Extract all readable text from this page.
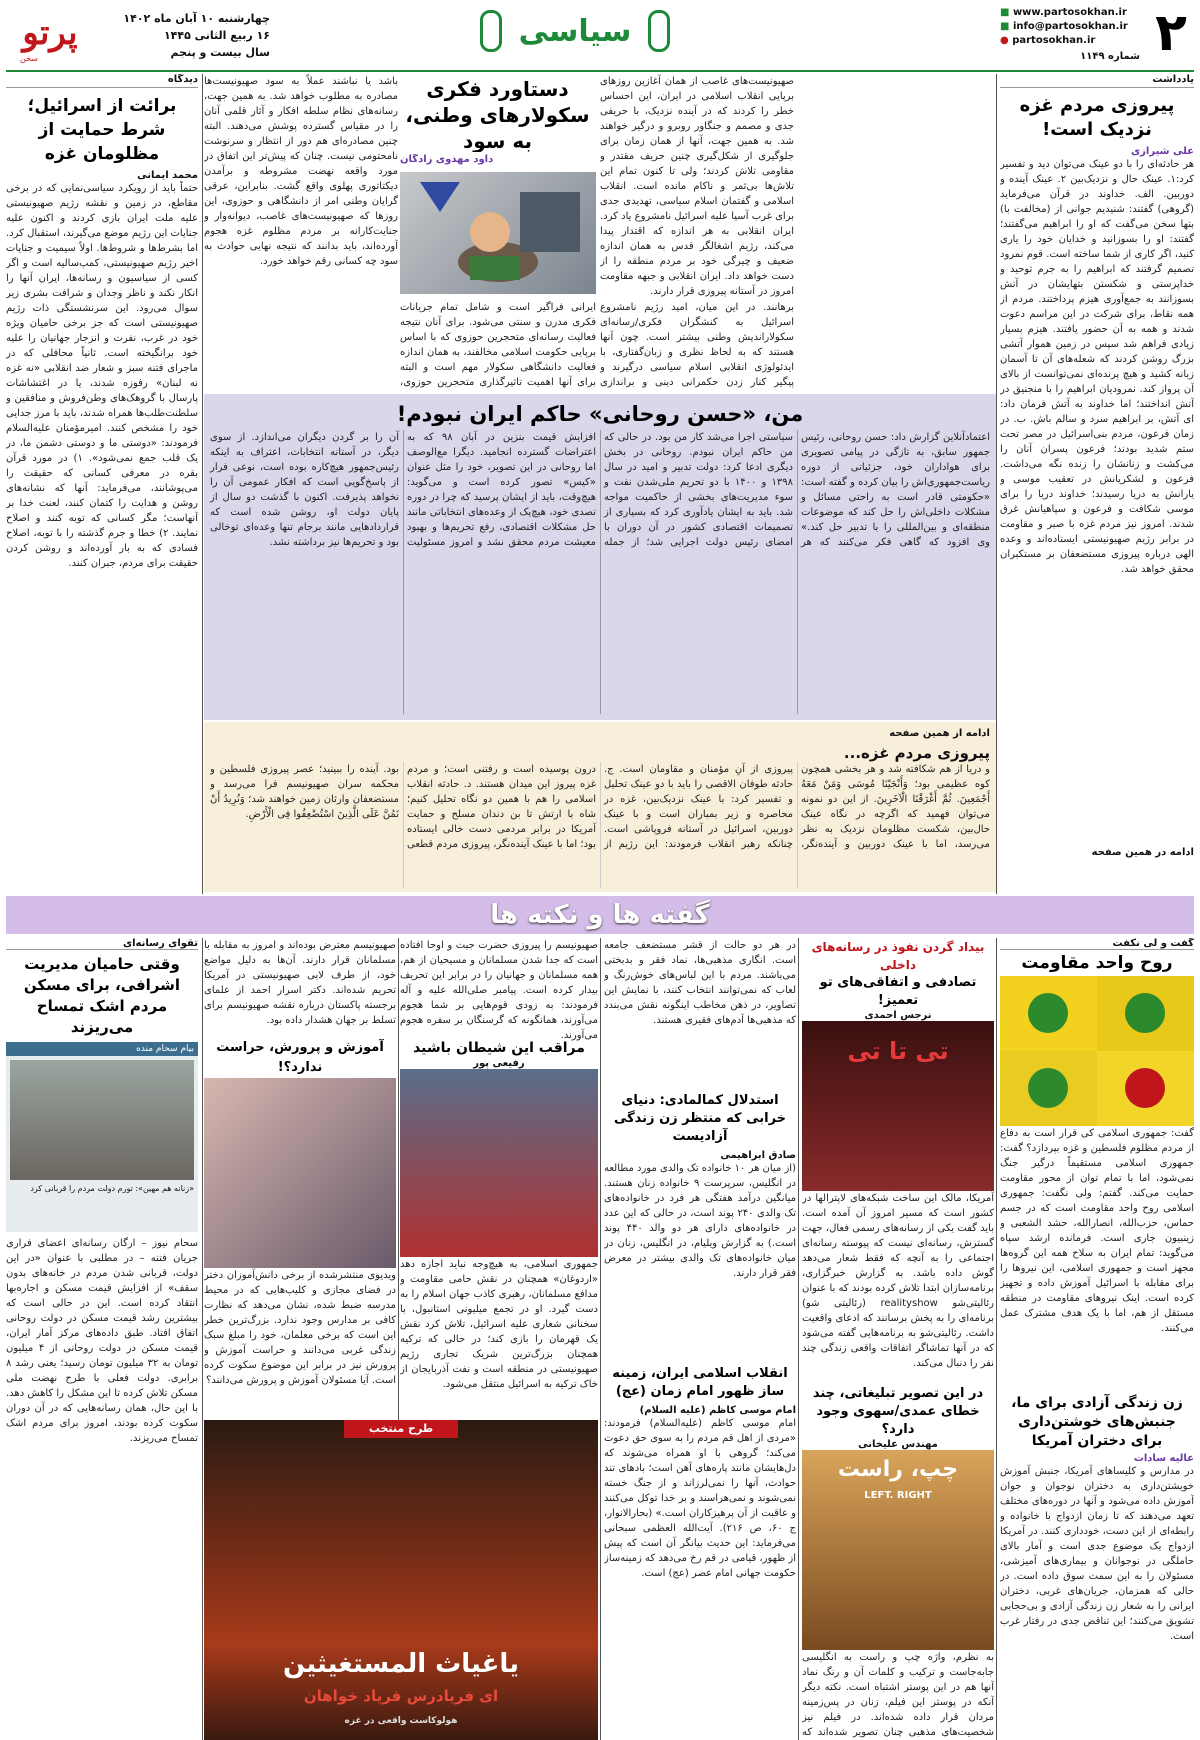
پرتو
سخن
چهارشنبه ۱۰ آبان ماه ۱۴۰۲
۱۶ ربیع الثانی ۱۴۴۵
سال بیست و پنجم
سیاسی
■ www.partosokhan.ir
■ info@partosokhan.ir
● partosokhan.ir
شماره ۱۱۴۹ ۲
یادداشت
پیروزی مردم غزه نزدیک است!
علی شیرازی
هر حادثه‌ای را با دو عینک می‌توان دید و تفسیر کرد:۱. عینک حال و نزدیک‌بین ۲. عینک آینده و دوربین. الف. خداوند در قرآن می‌فرماید (گروهی) گفتند: شنیدیم جوانی از (مخالفت با) بتها سخن می‌گفت که او را ابراهیم می‌گفتند؛ گفتند: او را بسوزانید و خدایان خود را یاری کنید، اگر کاری از شما ساخته است. قوم نمرود تصمیم گرفتند که ابراهیم را به جرم توحید و خداپرستی و شکستن بتهایشان در آتش بسوزانند به جمع‌آوری هیزم پرداختند. مردم از همه نقاط، برای شرکت در این مراسم دعوت شدند و همه به آن حضور یافتند. هیزم بسیار زیادی فراهم شد سپس در زمین هموار آتشی بزرگ روشن کردند که شعله‌های آن تا آسمان زبانه کشید و هیچ پرنده‌ای نمی‌توانست از بالای آن پرواز کند. نمرودیان ابراهیم را با منجنیق در آتش انداختند؛ اما خداوند به آتش فرمان داد: ای آتش، بر ابراهیم سرد و سالم باش. ب. در زمان فرعون، مردم بنی‌اسرائیل در مصر تحت ستم شدید بودند؛ فرعون پسران آنان را می‌کشت و زنانشان را زنده نگه می‌داشت. فرعون و لشکریانش در تعقیب موسی و یارانش به دریا رسیدند؛ خداوند دریا را برای موسی شکافت و فرعون و سپاهیانش غرق شدند. امروز نیز مردم غزه با صبر و مقاومت در برابر رژیم صهیونیستی ایستاده‌اند و وعده الهی درباره پیروزی مستضعفان بر مستکبران محقق خواهد شد.
ادامه در همین صفحه
دیدگاه
برائت از اسرائیل؛ شرط حمایت از مظلومان غزه
محمد ایمانی
حتماً باید از رویکرد سیاسی‌نمایی که در برخی مقاطع، در زمین و نقشه رژیم صهیونیستی علیه ملت ایران بازی کردند و اکنون علیه جنایات این رژیم موضع می‌گیرند، استقبال کرد. اما بشرط‌ها و شروط‌ها. اولاً سیمیت و جنایات اخیر رژیم صهیونیستی، کمپ‌سالیه است و اگر کسی از سیاسیون و رسانه‌ها، ایران آنها را انکار نکند و ناظر وجدان و شرافت بشری زیر سوال می‌رود. این سرنشستگی ذات رژیم صهیونیستی است که جز برخی حامیان ویژه خود در غرب، نفرت و انزجار جهانیان را علیه خود برانگیخته است. ثانیاً محافلی که در ماجرای فتنه سبز و شعار ضد انقلابی «نه غزه نه لبنان» رفوزه شدند، یا در اغتشاشات پارسال با گروهک‌های وطن‌فروش و منافقین و سلطنت‌طلب‌ها همراه شدند، باید با مرز جدایی خود را مشخص کنند. امیرمؤمنان علیه‌السلام فرمودند: «دوستی ما و دوستی دشمن ما، در یک قلب جمع نمی‌شود». ۱) در مورد قرآن بقره در معرفی کسانی که حقیقت را می‌پوشانند، می‌فرماید: آنها که نشانه‌های روشن و هدایت را کتمان کنند، لعنت خدا بر آنهاست؛ مگر کسانی که توبه کنند و اصلاح نمایند. ۲) خطا و جرم گذشته را با توبه، اصلاح فسادی که به بار آورده‌اند و روشن کردن حقیقت برای مردم، جبران کنند.
دستاورد فکری سکولارهای وطنی، به سود
داود مهدوی زادگان
صهیونیست‌های غاصب از همان آغازین روزهای برپایی انقلاب اسلامی در ایران، این احساس خطر را کردند که در آینده نزدیک، با حریفی جدی و مصمم و جنگاور روبرو و درگیر خواهند شد. به همین جهت، آنها از همان زمان برای جلوگیری از شکل‌گیری چنین حریف مقتدر و مقاومی تلاش کردند؛ ولی تا کنون تمام این تلاش‌ها بی‌ثمر و ناکام مانده است. انقلاب اسلامی و گفتمان اسلام سیاسی، تهدیدی جدی برای غرب آسیا علیه اسرائیل نامشروع یاد کرد. ایران انقلابی به هر اندازه که اقتدار پیدا می‌کند، رژیم اشغالگر قدس به همان اندازه ضعیف و چیرگی خود بر مردم منطقه را از دست خواهد داد. ایران انقلابی و جبهه مقاومت امروز در آستانه پیروزی قرار دارند.
باشد یا نباشند عملاً به سود صهیونیست‌ها مصادره به مطلوب خواهد شد. به همین جهت، رسانه‌های نظام سلطه افکار و آثار قلمی آنان را در مقیاس گسترده پوشش می‌دهند. البته چنین مصادره‌ای هم دور از انتظار و سرنوشت نامحتومی نیست. چنان که پیش‌تر این اتفاق در مورد واقعه نهضت مشروطه و برآمدن دیکتاتوری پهلوی واقع گشت. بنابراین، عرقی گرایان وطنی امر از دانشگاهی و حوزوی، این روزها که صهیونیست‌های غاصب، دیوانه‌وار و جنایت‌کارانه بر مردم مظلوم غزه هجوم آورده‌اند، باید بدانند که نتیجه نهایی حوادث به سود چه کسانی رقم خواهد خورد.
برهانند. در این میان، امید رژیم نامشروع اسرائیل به کنشگران فکری/رسانه‌ای سکولاراندیش وطنی بیشتر است. چون آنها هستند که به لحاظ نظری و زبان‌گفتاری، با ایدئولوژی انقلابی اسلام سیاسی درگیرند و پیگیر کنار زدن حکمرانی دینی و براندازی
ایرانی فراگیر است و شامل تمام جریانات فکری مدرن و سنتی می‌شود. برای آنان نتیجه فعالیت رسانه‌ای متحجرین حوزوی که با اساس برپایی حکومت اسلامی مخالفند، به همان اندازه فعالیت دانشگاهی سکولار مهم است و البته برای آنها اهمیت تاثیرگذاری متحجرین حوزوی،
من، «حسن روحانی» حاکم ایران نبودم!
اعتمادآنلاین گزارش داد: حسن روحانی، رئیس جمهور سابق، به تازگی در پیامی تصویری برای هواداران خود، جزئیاتی از دوره ریاست‌جمهوری‌اش را بیان کرده و گفته است: «حکومتی قادر است به راحتی مسائل و مشکلات داخلی‌اش را حل کند که موضوعات منطقه‌ای و بین‌المللی را با تدبیر حل کند.» وی افزود که گاهی فکر می‌کنند که هر سیاستی اجرا می‌شد کار من بود. در حالی که من حاکم ایران نبودم. روحانی در بخش دیگری ادعا کرد: دولت تدبیر و امید در سال ۱۳۹۸ و ۱۴۰۰ با دو تحریم ملی‌شدن نفت و سوء مدیریت‌های بخشی از حاکمیت مواجه شد. باید به ایشان یادآوری کرد که بسیاری از تصمیمات اقتصادی کشور در آن دوران با امضای رئیس دولت اجرایی شد؛ از جمله افزایش قیمت بنزین در آبان ۹۸ که به اعتراضات گسترده انجامید. دیگرا مع‌الوصف اما روحانی در این تصویر، خود را مثل عنوان «کیس» تصور کرده است و می‌گوید: هیچ‌وقت، باید از ایشان پرسید که چرا در دوره تصدی خود، هیچ‌یک از وعده‌های انتخاباتی مانند حل مشکلات اقتصادی، رفع تحریم‌ها و بهبود معیشت مردم محقق نشد و امروز مسئولیت آن را بر گردن دیگران می‌اندازد. از سوی دیگر، در آستانه انتخابات، اعتراف به اینکه رئیس‌جمهور هیچ‌کاره بوده است، نوعی فرار از پاسخ‌گویی است که افکار عمومی آن را نخواهد پذیرفت. اکنون با گذشت دو سال از پایان دولت او، روشن شده است که قراردادهایی مانند برجام تنها وعده‌ای توخالی بود و تحریم‌ها نیز برداشته نشد.
ادامه از همین صفحه
پیروزی مردم غزه...
و دریا از هم شکافته شد و هر بخشی همچون کوه عظیمی بود؛ وَأَنْجَیْنَا مُوسَی وَمَنْ مَعَهُ أَجْمَعِینَ. ثُمَّ أَغْرَقْنَا الْآخَرِینَ. از این دو نمونه می‌توان فهمید که اگرچه در نگاه عینک حال‌بین، شکست مظلومان نزدیک به نظر می‌رسد، اما با عینک دوربین و آینده‌نگر، پیروزی از آنِ مؤمنان و مقاومان است. ج. حادثه طوفان الاقصی را باید با دو عینک تحلیل و تفسیر کرد: با عینک نزدیک‌بین، غزه در محاصره و زیر بمباران است و با عینک دوربین، اسرائیل در آستانه فروپاشی است. چنانکه رهبر انقلاب فرمودند: این رژیم از درون پوسیده است و رفتنی است؛ و مردم غزه پیروز این میدان هستند. د. حادثه انقلاب اسلامی را هم با همین دو نگاه تحلیل کنیم؛ شاه با ارتش تا بن دندان مسلح و حمایت آمریکا در برابر مردمی دست خالی ایستاده بود؛ اما با عینک آینده‌نگر، پیروزی مردم قطعی بود. آینده را ببینید؛ عصر پیروزی فلسطین و محکمه سران صهیونیسم فرا می‌رسد و مستضعفان وارثان زمین خواهند شد؛ وَنُرِیدُ أَنْ نَمُنَّ عَلَی الَّذِینَ اسْتُضْعِفُوا فِی الْأَرْضِ.
گفته ها و نکته ها
گفت و لی نکفت
روح واحد مقاومت
گفت: جمهوری اسلامی کی قرار است به دفاع از مردم مظلوم فلسطین و غزه بپردازد؟ گفت: جمهوری اسلامی مستقیماً درگیر جنگ نمی‌شود، اما با تمام توان از محور مقاومت حمایت می‌کند. گفتم: ولی نگفت: جمهوری اسلامی روح واحد مقاومت است که در جسم حماس، حزب‌الله، انصارالله، حشد الشعبی و زینبیون جاری است. فرمانده ارشد سپاه می‌گوید: تمام ایران به سلاح همه این گروه‌ها مجهز است و جمهوری اسلامی، این نیروها را برای مقابله با اسرائیل آموزش داده و تجهیز کرده است. اینک نیروهای مقاومت در منطقه مستقل از هم، اما با یک هدف مشترک عمل می‌کنند.
زن زندگی آزادی برای ما، جنبش‌های خوشتن‌داری برای دختران آمریکا
عالیه سادات
در مدارس و کلیساهای آمریکا، جنبش آموزش خویشتن‌داری به دختران نوجوان و جوان آموزش داده می‌شود و آنها در دوره‌های مختلف تعهد می‌دهند که تا زمان ازدواج با خانواده و رابطه‌ای از این دست، خودداری کنند. در آمریکا ازدواج یک موضوع جدی است و آمار بالای حاملگی در نوجوانان و بیماری‌های آمیزشی، مسئولان را به این سمت سوق داده است. در حالی که همزمان، جریان‌های غربی، دختران ایرانی را به شعار زن زندگی آزادی و بی‌حجابی تشویق می‌کنند؛ این تناقض جدی در رفتار غرب است.
بیداد گردن نفوذ در رسانه‌های داخلی
تصادفی و اتفاقی‌های تو تعمیز!
نرجس احمدی
تی تا تی
آمریکا، مالک این ساخت شبکه‌های لاپترالها در کشور است که مسیر امروز آن آمده است. باید گفت یکی از رسانه‌های رسمی فعال، جهت گسترش، رسانه‌ای نیست که پیوسته رسانه‌ای اجتماعی را به آنچه که فقط شعار می‌دهد گوش داده باشد. به گزارش خبرگزاری، برنامه‌سازان ابتدا تلاش کرده بودند که با عنوان رئالیتی‌شو realityshow (رئالیتی شو) برنامه‌ای را به پخش برسانند که ادعای واقعیت داشت. رئالیتی‌شو به برنامه‌هایی گفته می‌شود که در آنها تماشاگر اتفاقات واقعی زندگی چند نفر را دنبال می‌کند.
در این تصویر تبلیغاتی، چند خطای عمدی/سهوی وجود دارد؟
مهندس علیخانی
چپ، راست
LEFT. RIGHT
به نظرم، واژه چپ و راست به انگلیسی جابه‌جاست و ترکیب و کلمات آن و رنگ نماد آنها هم در این پوستر اشتباه است. نکته دیگر آنکه در پوستر این فیلم، زنان در پس‌زمینه مردان قرار داده شده‌اند. در فیلم نیز شخصیت‌های مذهبی چنان تصویر شده‌اند که
در هر دو حالت از قشر مستضعف جامعه است. انگاری مذهبی‌ها، نماد فقر و بدبختی می‌باشند. مردم با این لباس‌های خوش‌رنگ و لعاب که نمی‌توانند انتخاب کنند، با نمایش این تصاویر، در ذهن مخاطب اینگونه نقش می‌بندد که مذهبی‌ها آدم‌های فقیری هستند.
استدلال کمالمادی: دنیای خرابی که منتظر زن زندگی آزادیست
صادق ابراهیمی
(از میان هر ۱۰ خانواده تک والدی مورد مطالعه در انگلیس، سرپرست ۹ خانواده زنان هستند. میانگین درآمد هفتگی هر فرد در خانواده‌های تک والدی ۲۴۰ پوند است، در حالی که این عدد در خانواده‌های دارای هر دو والد ۴۴۰ پوند است.) به گزارش ویلیام، در انگلیس، زنان در میان خانواده‌های تک والدی بیشتر در معرض فقر قرار دارند.
انقلاب اسلامی ایران، زمینه ساز ظهور امام زمان (عج)
امام موسی کاظم (علیه السلام)
امام موسی کاظم (علیه‌السلام) فرمودند: «مردی از اهل قم مردم را به سوی حق دعوت می‌کند؛ گروهی با او همراه می‌شوند که دل‌هایشان مانند پاره‌های آهن است؛ بادهای تند حوادث، آنها را نمی‌لرزاند و از جنگ خسته نمی‌شوند و نمی‌هراسند و بر خدا توکل می‌کنند و عاقبت از آن پرهیزکاران است.» (بحارالانوار، ج ۶۰، ص ۲۱۶). آیت‌الله العظمی سبحانی می‌فرماید: این حدیث بیانگر آن است که پیش از ظهور، قیامی در قم رخ می‌دهد که زمینه‌ساز حکومت جهانی امام عصر (عج) است.
صهیونیسم را پیروزی حضرت جبت و اوحا افتاده است که جدا شدن مسلمانان و مسیحیان از هم، همه مسلمانان و جهانیان را در برابر این تحریف بیدار کرده است. پیامبر صلی‌الله علیه و آله فرمودند: به زودی قوم‌هایی بر شما هجوم می‌آورند، همانگونه که گرسنگان بر سفره هجوم می‌آورند.
مراقب این شیطان باشید
رفیعی پور
جمهوری اسلامی، به هیچ‌وجه نباید اجازه دهد «اردوغان» همچنان در نقش حامی مقاومت و مدافع مسلمانان، رهبری کاذب جهان اسلام را به دست گیرد. او در تجمع میلیونی استانبول، با سخنانی شعاری علیه اسرائیل، تلاش کرد نقش یک قهرمان را بازی کند؛ در حالی که ترکیه همچنان بزرگ‌ترین شریک تجاری رژیم صهیونیستی در منطقه است و نفت آذربایجان از خاک ترکیه به اسرائیل منتقل می‌شود.
صهیونیسم معترض بوده‌اند و امروز به مقابله با مسلمانان قرار دارند. آن‌ها به دلیل مواضع خود، از طرف لابی صهیونیستی در آمریکا تحریم شده‌اند. دکتر اسرار احمد از علمای برجسته پاکستان درباره نقشه صهیونیسم برای تسلط بر جهان هشدار داده بود.
آموزش و پرورش، حراست ندارد؟!
ویدیوی منتشرشده از برخی دانش‌آموزان دختر در فضای مجازی و کلیپ‌هایی که در محیط مدرسه ضبط شده، نشان می‌دهد که نظارت کافی بر مدارس وجود ندارد. بزرگ‌ترین خطر این است که برخی معلمان، خود را مبلغ سبک زندگی غربی می‌دانند و حراست آموزش و پرورش نیز در برابر این موضوع سکوت کرده است. آیا مسئولان آموزش و پرورش می‌دانند؟
طرح منتخب
یاغیاث المستغیثین
ای فریادرس فریاد خواهان
هولوکاست واقعی در غزه
تقوای رسانه‌ای
وقتی حامیان مدیریت اشرافی، برای مسکن مردم اشک تمساح می‌ریزند
بیام سحام منده
«زنانه هم مهین»: تورم دولت مردم را قربانی کرد
سحام نیوز – ارگان رسانه‌ای اعضای فراری جریان فتنه – در مطلبی با عنوان «در این دولت، قربانی شدن مردم در خانه‌های بدون سقف» از افزایش قیمت مسکن و اجاره‌بها انتقاد کرده است. این در حالی است که بیشترین رشد قیمت مسکن در دولت روحانی اتفاق افتاد. طبق داده‌های مرکز آمار ایران، قیمت مسکن در دولت روحانی از ۴ میلیون تومان به ۳۲ میلیون تومان رسید؛ یعنی رشد ۸ برابری. دولت فعلی با طرح نهضت ملی مسکن تلاش کرده تا این مشکل را کاهش دهد. با این حال، همان رسانه‌هایی که در آن دوران سکوت کرده بودند، امروز برای مردم اشک تمساح می‌ریزند.
